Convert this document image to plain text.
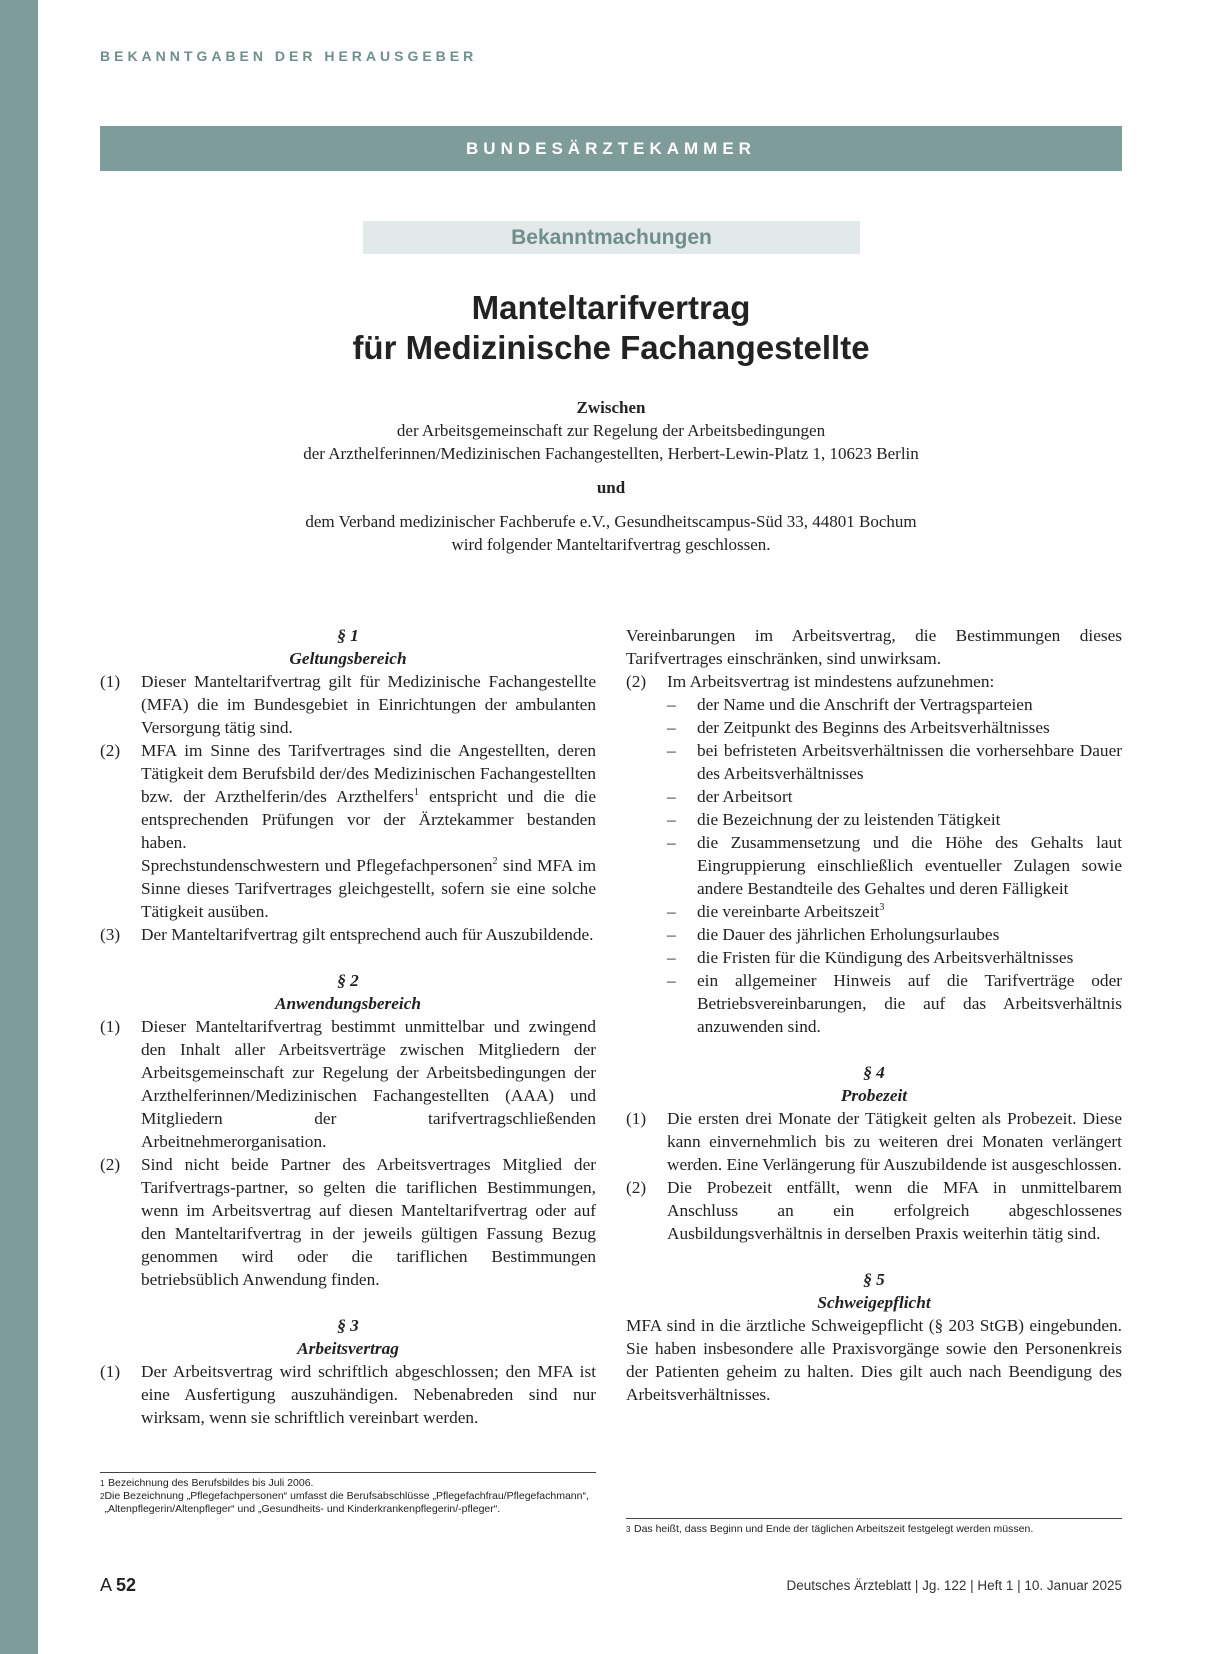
BEKANNTGABEN DER HERAUSGEBER
BUNDESÄRZTEKAMMER
Bekanntmachungen
Manteltarifvertrag
für Medizinische Fachangestellte
Zwischen
der Arbeitsgemeinschaft zur Regelung der Arbeitsbedingungen
der Arzthelferinnen/Medizinischen Fachangestellten, Herbert-Lewin-Platz 1, 10623 Berlin
und
dem Verband medizinischer Fachberufe e.V., Gesundheitscampus-Süd 33, 44801 Bochum
wird folgender Manteltarifvertrag geschlossen.
§ 1
Geltungsbereich
(1)	Dieser Manteltarifvertrag gilt für Medizinische Fachangestellte (MFA) die im Bundesgebiet in Einrichtungen der ambulanten Versorgung tätig sind.
(2)	MFA im Sinne des Tarifvertrages sind die Angestellten, deren Tätigkeit dem Berufsbild der/des Medizinischen Fachangestellten bzw. der Arzthelferin/des Arzthelfers$^1$ entspricht und die die entsprechenden Prüfungen vor der Ärztekammer bestanden haben.
Sprechstundenschwestern und Pflegefachpersonen$^2$ sind MFA im Sinne dieses Tarifvertrages gleichgestellt, sofern sie eine solche Tätigkeit ausüben.
(3)	Der Manteltarifvertrag gilt entsprechend auch für Auszubildende.
§ 2
Anwendungsbereich
(1)	Dieser Manteltarifvertrag bestimmt unmittelbar und zwingend den Inhalt aller Arbeitsverträge zwischen Mitgliedern der Arbeitsgemeinschaft zur Regelung der Arbeitsbedingungen der Arzthelferinnen/Medizinischen Fachangestellten (AAA) und Mitgliedern der tarifvertragschließenden Arbeitnehmerorganisation.
(2)	Sind nicht beide Partner des Arbeitsvertrages Mitglied der Tarifvertrags-partner, so gelten die tariflichen Bestimmungen, wenn im Arbeitsvertrag auf diesen Manteltarifvertrag oder auf den Manteltarifvertrag in der jeweils gültigen Fassung Bezug genommen wird oder die tariflichen Bestimmungen betriebsüblich Anwendung finden.
§ 3
Arbeitsvertrag
(1)	Der Arbeitsvertrag wird schriftlich abgeschlossen; den MFA ist eine Ausfertigung auszuhändigen. Nebenabreden sind nur wirksam, wenn sie schriftlich vereinbart werden.
Vereinbarungen im Arbeitsvertrag, die Bestimmungen dieses Tarifvertrages einschränken, sind unwirksam.
(2)	Im Arbeitsvertrag ist mindestens aufzunehmen:
–	der Name und die Anschrift der Vertragsparteien
–	der Zeitpunkt des Beginns des Arbeitsverhältnisses
–	bei befristeten Arbeitsverhältnissen die vorhersehbare Dauer des Arbeitsverhältnisses
–	der Arbeitsort
–	die Bezeichnung der zu leistenden Tätigkeit
–	die Zusammensetzung und die Höhe des Gehalts laut Eingruppierung einschließlich eventueller Zulagen sowie andere Bestandteile des Gehaltes und deren Fälligkeit
–	die vereinbarte Arbeitszeit$^3$
–	die Dauer des jährlichen Erholungsurlaubes
–	die Fristen für die Kündigung des Arbeitsverhältnisses
–	ein allgemeiner Hinweis auf die Tarifverträge oder Betriebsvereinbarungen, die auf das Arbeitsverhältnis anzuwenden sind.
§ 4
Probezeit
(1)	Die ersten drei Monate der Tätigkeit gelten als Probezeit. Diese kann einvernehmlich bis zu weiteren drei Monaten verlängert werden. Eine Verlängerung für Auszubildende ist ausgeschlossen.
(2)	Die Probezeit entfällt, wenn die MFA in unmittelbarem Anschluss an ein erfolgreich abgeschlossenes Ausbildungsverhältnis in derselben Praxis weiterhin tätig sind.
§ 5
Schweigepflicht
MFA sind in die ärztliche Schweigepflicht (§ 203 StGB) eingebunden. Sie haben insbesondere alle Praxisvorgänge sowie den Personenkreis der Patienten geheim zu halten. Dies gilt auch nach Beendigung des Arbeitsverhältnisses.
1 Bezeichnung des Berufsbildes bis Juli 2006.
2 Die Bezeichnung „Pflegefachpersonen“ umfasst die Berufsabschlüsse „Pflegefachfrau/Pflegefachmann“, „Altenpflegerin/Altenpfleger“ und „Gesundheits- und Kinderkrankenpflegerin/-pfleger“.
3 Das heißt, dass Beginn und Ende der täglichen Arbeitszeit festgelegt werden müssen.
A 52	Deutsches Ärzteblatt | Jg. 122 | Heft 1 | 10. Januar 2025
